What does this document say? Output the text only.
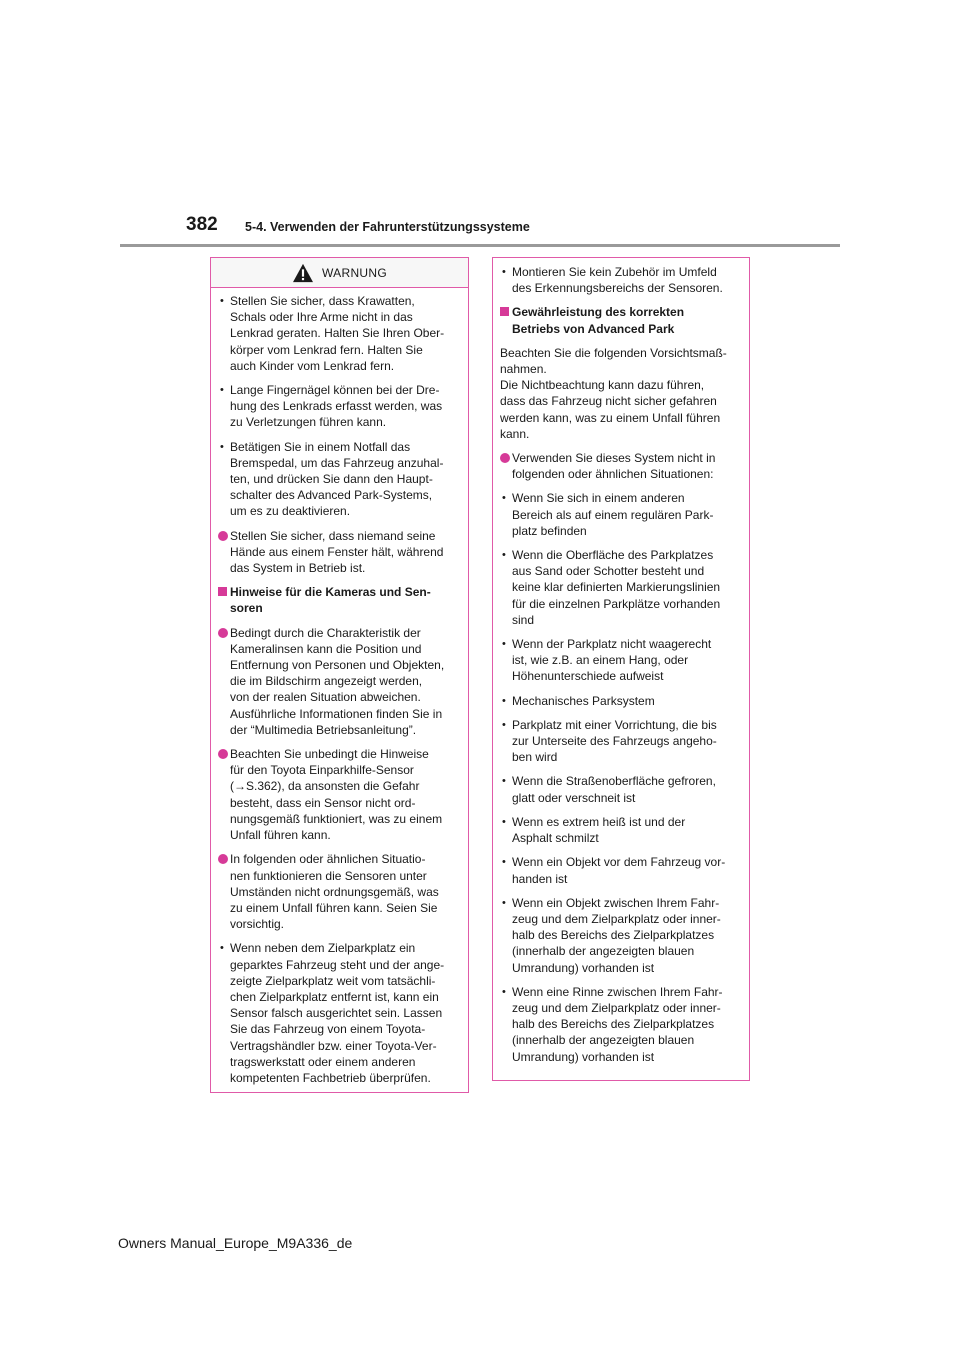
382 5-4. Verwenden der Fahrunterstützungssysteme
WARNUNG
Stellen Sie sicher, dass Krawatten,
Schals oder Ihre Arme nicht in das
Lenkrad geraten. Halten Sie Ihren Ober-
körper vom Lenkrad fern. Halten Sie
auch Kinder vom Lenkrad fern.
Lange Fingernägel können bei der Dre-
hung des Lenkrads erfasst werden, was
zu Verletzungen führen kann.
Betätigen Sie in einem Notfall das
Bremspedal, um das Fahrzeug anzuhal-
ten, und drücken Sie dann den Haupt-
schalter des Advanced Park-Systems,
um es zu deaktivieren.
Stellen Sie sicher, dass niemand seine
Hände aus einem Fenster hält, während
das System in Betrieb ist.
Hinweise für die Kameras und Sen-
soren
Bedingt durch die Charakteristik der
Kameralinsen kann die Position und
Entfernung von Personen und Objekten,
die im Bildschirm angezeigt werden,
von der realen Situation abweichen.
Ausführliche Informationen finden Sie in
der “Multimedia Betriebsanleitung”.
Beachten Sie unbedingt die Hinweise
für den Toyota Einparkhilfe-Sensor
(→S.362), da ansonsten die Gefahr
besteht, dass ein Sensor nicht ord-
nungsgemäß funktioniert, was zu einem
Unfall führen kann.
In folgenden oder ähnlichen Situatio-
nen funktionieren die Sensoren unter
Umständen nicht ordnungsgemäß, was
zu einem Unfall führen kann. Seien Sie
vorsichtig.
Wenn neben dem Zielparkplatz ein
geparktes Fahrzeug steht und der ange-
zeigte Zielparkplatz weit vom tatsächli-
chen Zielparkplatz entfernt ist, kann ein
Sensor falsch ausgerichtet sein. Lassen
Sie das Fahrzeug von einem Toyota-
Vertragshändler bzw. einer Toyota-Ver-
tragswerkstatt oder einem anderen
kompetenten Fachbetrieb überprüfen.
Montieren Sie kein Zubehör im Umfeld
des Erkennungsbereichs der Sensoren.
Gewährleistung des korrekten
Betriebs von Advanced Park
Beachten Sie die folgenden Vorsichtsmaß-
nahmen.
Die Nichtbeachtung kann dazu führen,
dass das Fahrzeug nicht sicher gefahren
werden kann, was zu einem Unfall führen
kann.
Verwenden Sie dieses System nicht in
folgenden oder ähnlichen Situationen:
Wenn Sie sich in einem anderen
Bereich als auf einem regulären Park-
platz befinden
Wenn die Oberfläche des Parkplatzes
aus Sand oder Schotter besteht und
keine klar definierten Markierungslinien
für die einzelnen Parkplätze vorhanden
sind
Wenn der Parkplatz nicht waagerecht
ist, wie z.B. an einem Hang, oder
Höhenunterschiede aufweist
Mechanisches Parksystem
Parkplatz mit einer Vorrichtung, die bis
zur Unterseite des Fahrzeugs angeho-
ben wird
Wenn die Straßenoberfläche gefroren,
glatt oder verschneit ist
Wenn es extrem heiß ist und der
Asphalt schmilzt
Wenn ein Objekt vor dem Fahrzeug vor-
handen ist
Wenn ein Objekt zwischen Ihrem Fahr-
zeug und dem Zielparkplatz oder inner-
halb des Bereichs des Zielparkplatzes
(innerhalb der angezeigten blauen
Umrandung) vorhanden ist
Wenn eine Rinne zwischen Ihrem Fahr-
zeug und dem Zielparkplatz oder inner-
halb des Bereichs des Zielparkplatzes
(innerhalb der angezeigten blauen
Umrandung) vorhanden ist
Owners Manual_Europe_M9A336_de
